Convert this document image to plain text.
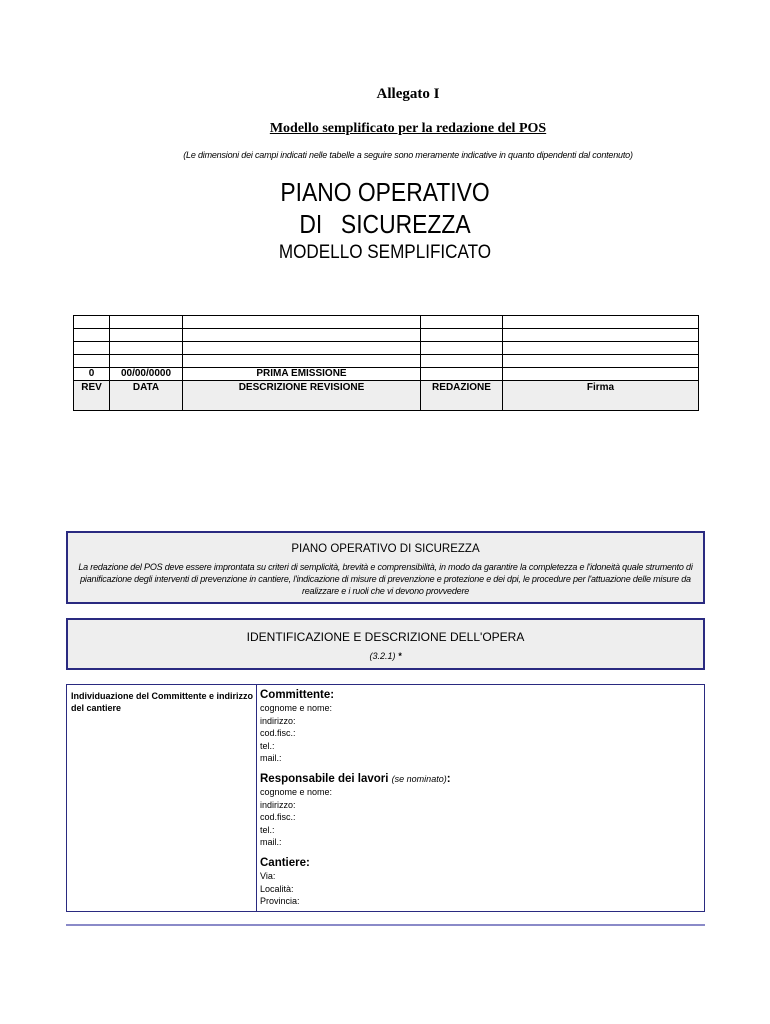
Allegato I
Modello semplificato per la redazione del POS
(Le dimensioni dei campi indicati nelle tabelle a seguire sono meramente indicative in quanto dipendenti dal contenuto)
PIANO OPERATIVO
DI SICUREZZA
MODELLO SEMPLIFICATO

0	00/00/0000	PRIMA EMISSIONE		
REV	DATA	DESCRIZIONE REVISIONE	REDAZIONE	Firma
PIANO OPERATIVO DI SICUREZZA
La redazione del POS deve essere improntata su criteri di semplicità, brevità e comprensibilità, in modo da garantire la completezza e l'idoneità quale strumento di pianificazione degli interventi di prevenzione in cantiere, l'indicazione di misure di prevenzione e protezione e dei dpi, le procedure per l'attuazione delle misure da realizzare e i ruoli che vi devono provvedere
IDENTIFICAZIONE E DESCRIZIONE DELL'OPERA
(3.2.1) *
Individuazione del Committente e indirizzo del cantiere
Committente:
cognome e nome:
indirizzo:
cod.fisc.:
tel.:
mail.:
Responsabile dei lavori (se nominato):
cognome e nome:
indirizzo:
cod.fisc.:
tel.:
mail.:
Cantiere:
Via:
Località:
Provincia:
